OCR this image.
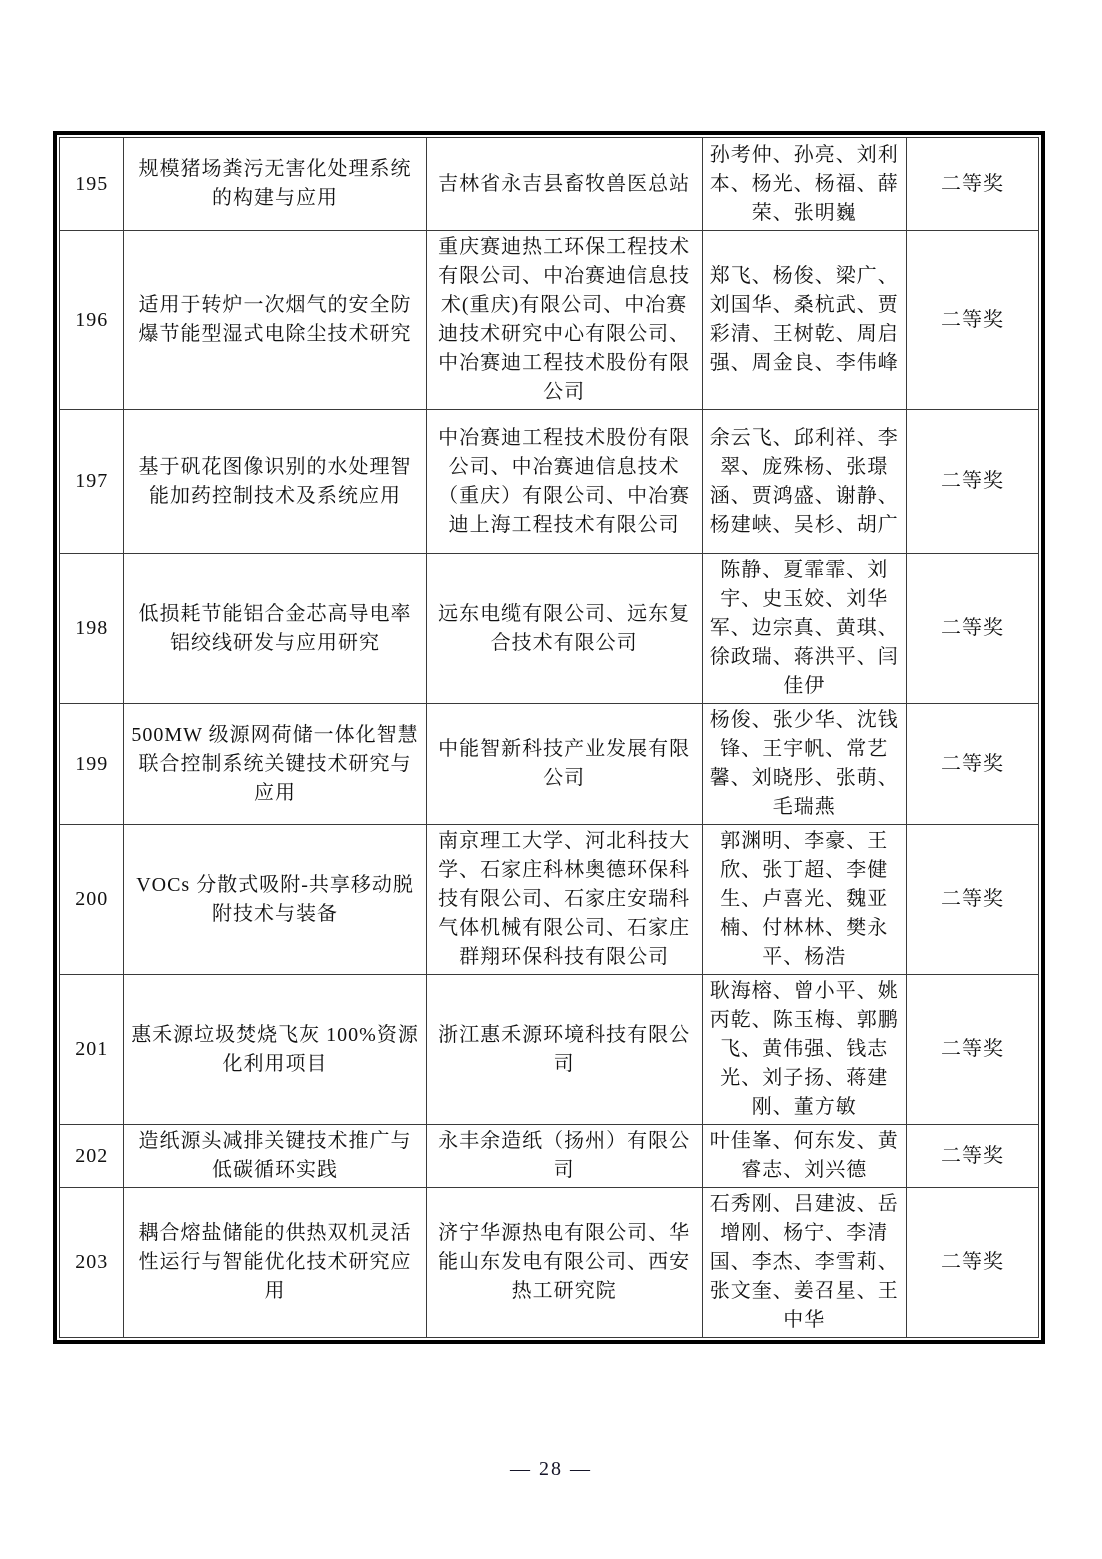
195	规模猪场粪污无害化处理系统的构建与应用	吉林省永吉县畜牧兽医总站	孙考仲、孙亮、刘利本、杨光、杨福、薛荣、张明巍	二等奖
196	适用于转炉一次烟气的安全防爆节能型湿式电除尘技术研究	重庆赛迪热工环保工程技术有限公司、中冶赛迪信息技术(重庆)有限公司、中冶赛迪技术研究中心有限公司、中冶赛迪工程技术股份有限公司	郑飞、杨俊、梁广、刘国华、桑杭武、贾彩清、王树乾、周启强、周金良、李伟峰	二等奖
197	基于矾花图像识别的水处理智能加药控制技术及系统应用	中冶赛迪工程技术股份有限公司、中冶赛迪信息技术（重庆）有限公司、中冶赛迪上海工程技术有限公司	余云飞、邱利祥、李翠、庞殊杨、张璟涵、贾鸿盛、谢静、杨建峡、吴杉、胡广	二等奖
198	低损耗节能铝合金芯高导电率铝绞线研发与应用研究	远东电缆有限公司、远东复合技术有限公司	陈静、夏霏霏、刘宇、史玉姣、刘华军、边宗真、黄琪、徐政瑞、蒋洪平、闫佳伊	二等奖
199	500MW 级源网荷储一体化智慧联合控制系统关键技术研究与应用	中能智新科技产业发展有限公司	杨俊、张少华、沈钱锋、王宇帆、常艺馨、刘晓彤、张萌、毛瑞燕	二等奖
200	VOCs 分散式吸附-共享移动脱附技术与装备	南京理工大学、河北科技大学、石家庄科林奥德环保科技有限公司、石家庄安瑞科气体机械有限公司、石家庄群翔环保科技有限公司	郭渊明、李豪、王欣、张丁超、李健生、卢喜光、魏亚楠、付林林、樊永平、杨浩	二等奖
201	惠禾源垃圾焚烧飞灰 100%资源化利用项目	浙江惠禾源环境科技有限公司	耿海榕、曾小平、姚丙乾、陈玉梅、郭鹏飞、黄伟强、钱志光、刘子扬、蒋建刚、董方敏	二等奖
202	造纸源头减排关键技术推广与低碳循环实践	永丰余造纸（扬州）有限公司	叶佳峯、何东发、黄睿志、刘兴德	二等奖
203	耦合熔盐储能的供热双机灵活性运行与智能优化技术研究应用	济宁华源热电有限公司、华能山东发电有限公司、西安热工研究院	石秀刚、吕建波、岳增刚、杨宁、李清国、李杰、李雪莉、张文奎、姜召星、王中华	二等奖
— 28 —
